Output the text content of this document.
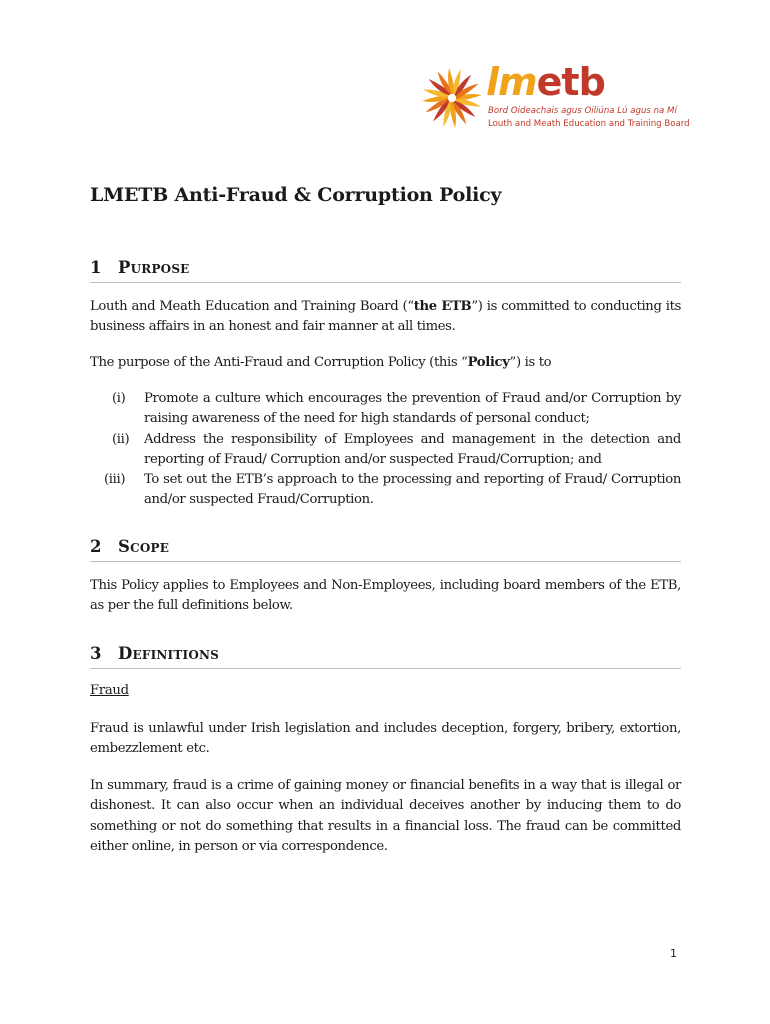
lmetb
Bord Oideachais agus Oiliúna Lú agus na Mí
Louth and Meath Education and Training Board
LMETB Anti-Fraud & Corruption Policy
1 Purpose
Louth and Meath Education and Training Board (“the ETB”) is committed to conducting its business affairs in an honest and fair manner at all times.
The purpose of the Anti-Fraud and Corruption Policy (this “Policy”) is to
(i) Promote a culture which encourages the prevention of Fraud and/or Corruption by raising awareness of the need for high standards of personal conduct;
(ii) Address the responsibility of Employees and management in the detection and reporting of Fraud/ Corruption and/or suspected Fraud/Corruption; and
(iii) To set out the ETB’s approach to the processing and reporting of Fraud/ Corruption and/or suspected Fraud/Corruption.
2 Scope
This Policy applies to Employees and Non-Employees, including board members of the ETB, as per the full definitions below.
3 Definitions
Fraud
Fraud is unlawful under Irish legislation and includes deception, forgery, bribery, extortion, embezzlement etc.
In summary, fraud is a crime of gaining money or financial benefits in a way that is illegal or dishonest. It can also occur when an individual deceives another by inducing them to do something or not do something that results in a financial loss. The fraud can be committed either online, in person or via correspondence.
1
